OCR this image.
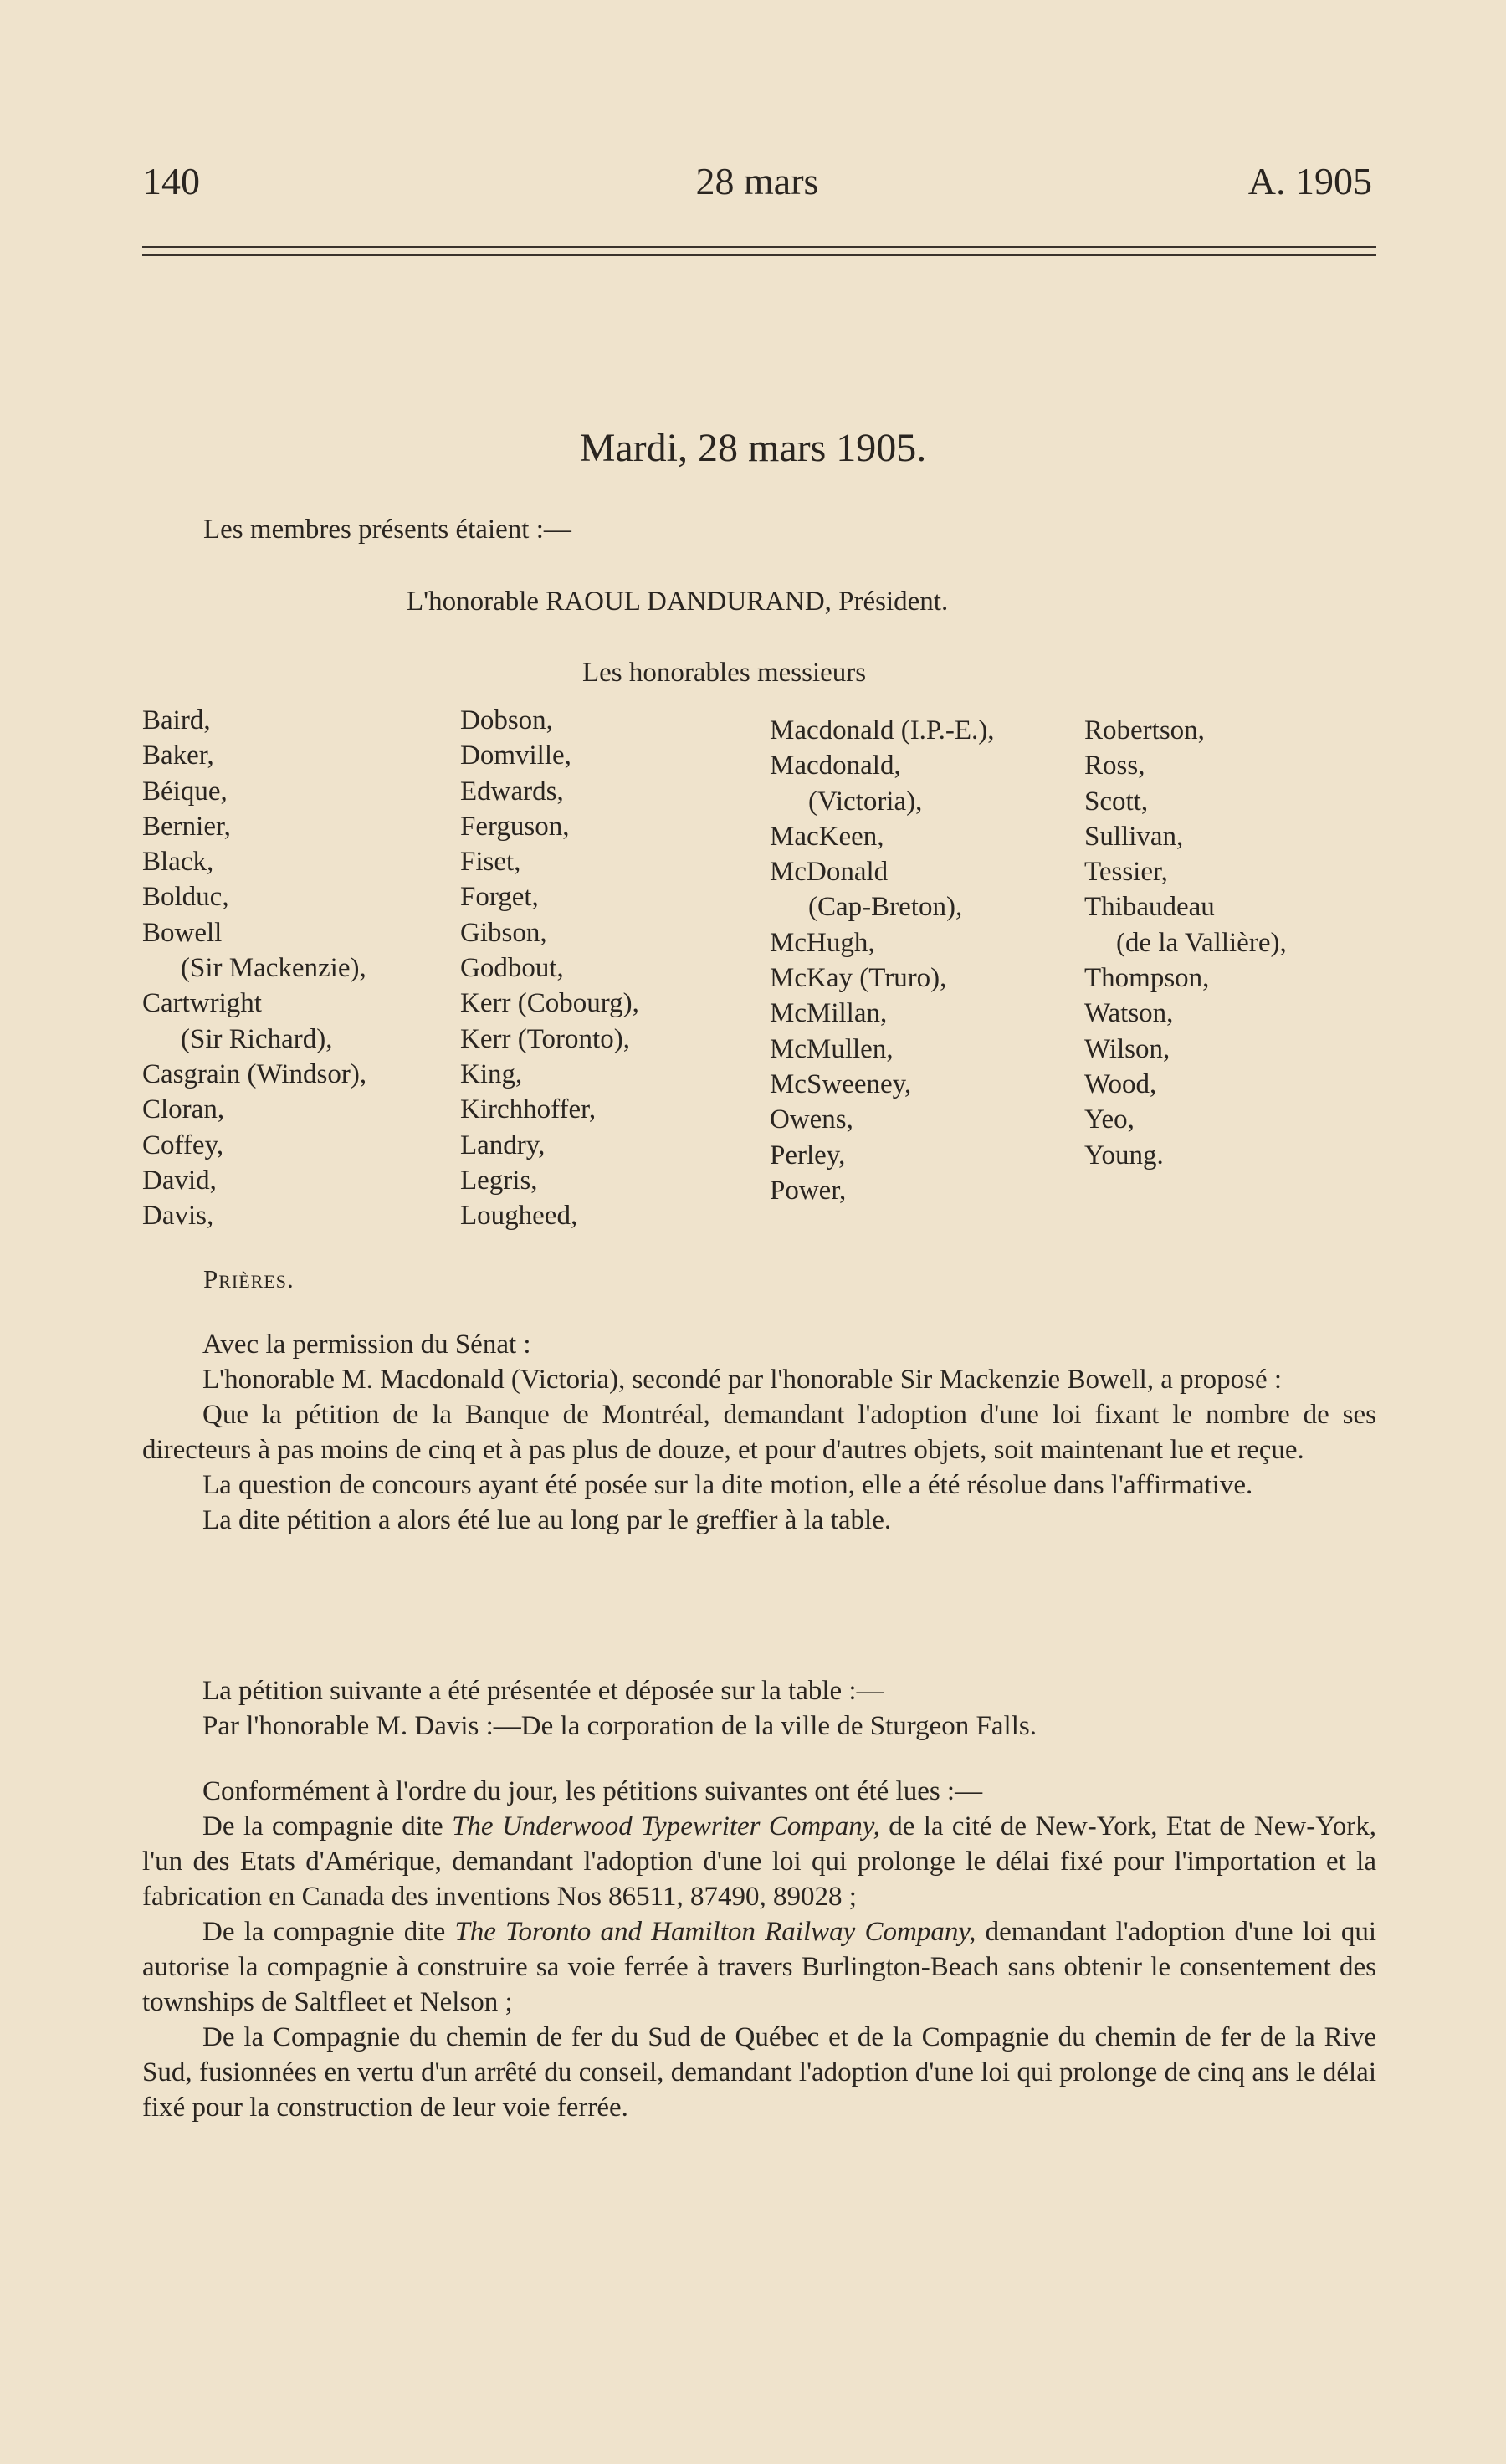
140	28 mars	A. 1905
Mardi, 28 mars 1905.
Les membres présents étaient :—
L'honorable RAOUL DANDURAND, Président.
Les honorables messieurs
Baird,
Baker,
Béique,
Bernier,
Black,
Bolduc,
Bowell
(Sir Mackenzie),
Cartwright
(Sir Richard),
Casgrain (Windsor),
Cloran,
Coffey,
David,
Davis,
Dobson,
Domville,
Edwards,
Ferguson,
Fiset,
Forget,
Gibson,
Godbout,
Kerr (Cobourg),
Kerr (Toronto),
King,
Kirchhoffer,
Landry,
Legris,
Lougheed,
Macdonald (I.P.-E.),
Macdonald,
(Victoria),
MacKeen,
McDonald
(Cap-Breton),
McHugh,
McKay (Truro),
McMillan,
McMullen,
McSweeney,
Owens,
Perley,
Power,
Robertson,
Ross,
Scott,
Sullivan,
Tessier,
Thibaudeau
(de la Vallière),
Thompson,
Watson,
Wilson,
Wood,
Yeo,
Young.
Prières.

Avec la permission du Sénat :

L'honorable M. Macdonald (Victoria), secondé par l'honorable Sir Mackenzie Bowell, a proposé :

Que la pétition de la Banque de Montréal, demandant l'adoption d'une loi fixant le nombre de ses directeurs à pas moins de cinq et à pas plus de douze, et pour d'autres objets, soit maintenant lue et reçue.

La question de concours ayant été posée sur la dite motion, elle a été résolue dans l'affirmative.

La dite pétition a alors été lue au long par le greffier à la table.

La pétition suivante a été présentée et déposée sur la table :—

Par l'honorable M. Davis :—De la corporation de la ville de Sturgeon Falls.

Conformément à l'ordre du jour, les pétitions suivantes ont été lues :—

De la compagnie dite The Underwood Typewriter Company, de la cité de New-York, Etat de New-York, l'un des Etats d'Amérique, demandant l'adoption d'une loi qui prolonge le délai fixé pour l'importation et la fabrication en Canada des inventions Nos 86511, 87490, 89028 ;

De la compagnie dite The Toronto and Hamilton Railway Company, demandant l'adoption d'une loi qui autorise la compagnie à construire sa voie ferrée à travers Burlington-Beach sans obtenir le consentement des townships de Saltfleet et Nelson ;

De la Compagnie du chemin de fer du Sud de Québec et de la Compagnie du chemin de fer de la Rive Sud, fusionnées en vertu d'un arrêté du conseil, demandant l'adoption d'une loi qui prolonge de cinq ans le délai fixé pour la construction de leur voie ferrée.
